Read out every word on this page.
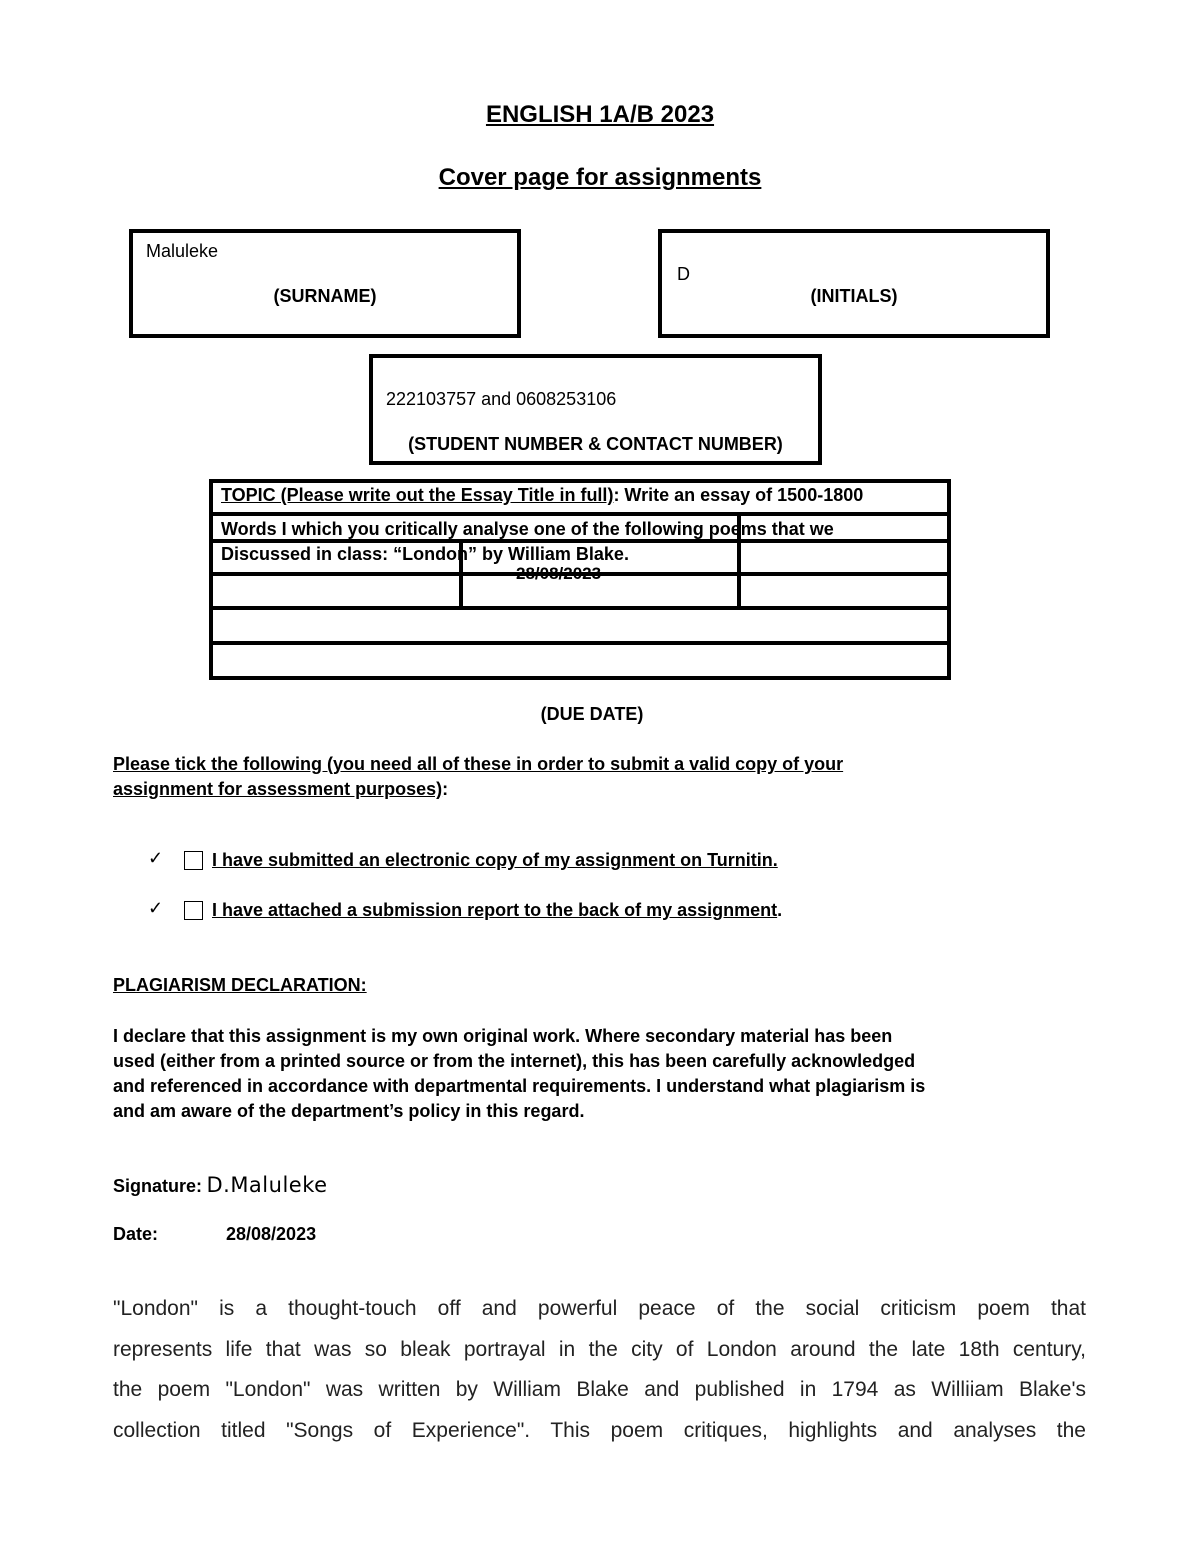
ENGLISH 1A/B 2023
Cover page for assignments
Maluleke
(SURNAME)
D
(INITIALS)
222103757 and 0608253106
(STUDENT NUMBER & CONTACT NUMBER)
TOPIC (Please write out the Essay Title in full): Write an essay of 1500-1800
Words I which you critically analyse one of the following poems that we
Discussed in class: “London” by William Blake.
28/08/2023
(DUE DATE)
Please tick the following (you need all of these in order to submit a valid copy of your
assignment for assessment purposes):
✓	I have submitted an electronic copy of my assignment on Turnitin.
✓	I have attached a submission report to the back of my assignment.
PLAGIARISM DECLARATION:
I declare that this assignment is my own original work. Where secondary material has been
used (either from a printed source or from the internet), this has been carefully acknowledged
and referenced in accordance with departmental requirements. I understand what plagiarism is
and am aware of the department’s policy in this regard.
Signature: D.Maluleke
Date:	28/08/2023
"London" is a thought-touch off and powerful peace of the social criticism poem that
represents life that was so bleak portrayal in the city of London around the late 18th century,
the poem "London" was written by William Blake and published in 1794 as Williiam Blake's
collection titled "Songs of Experience". This poem critiques, highlights and analyses the
